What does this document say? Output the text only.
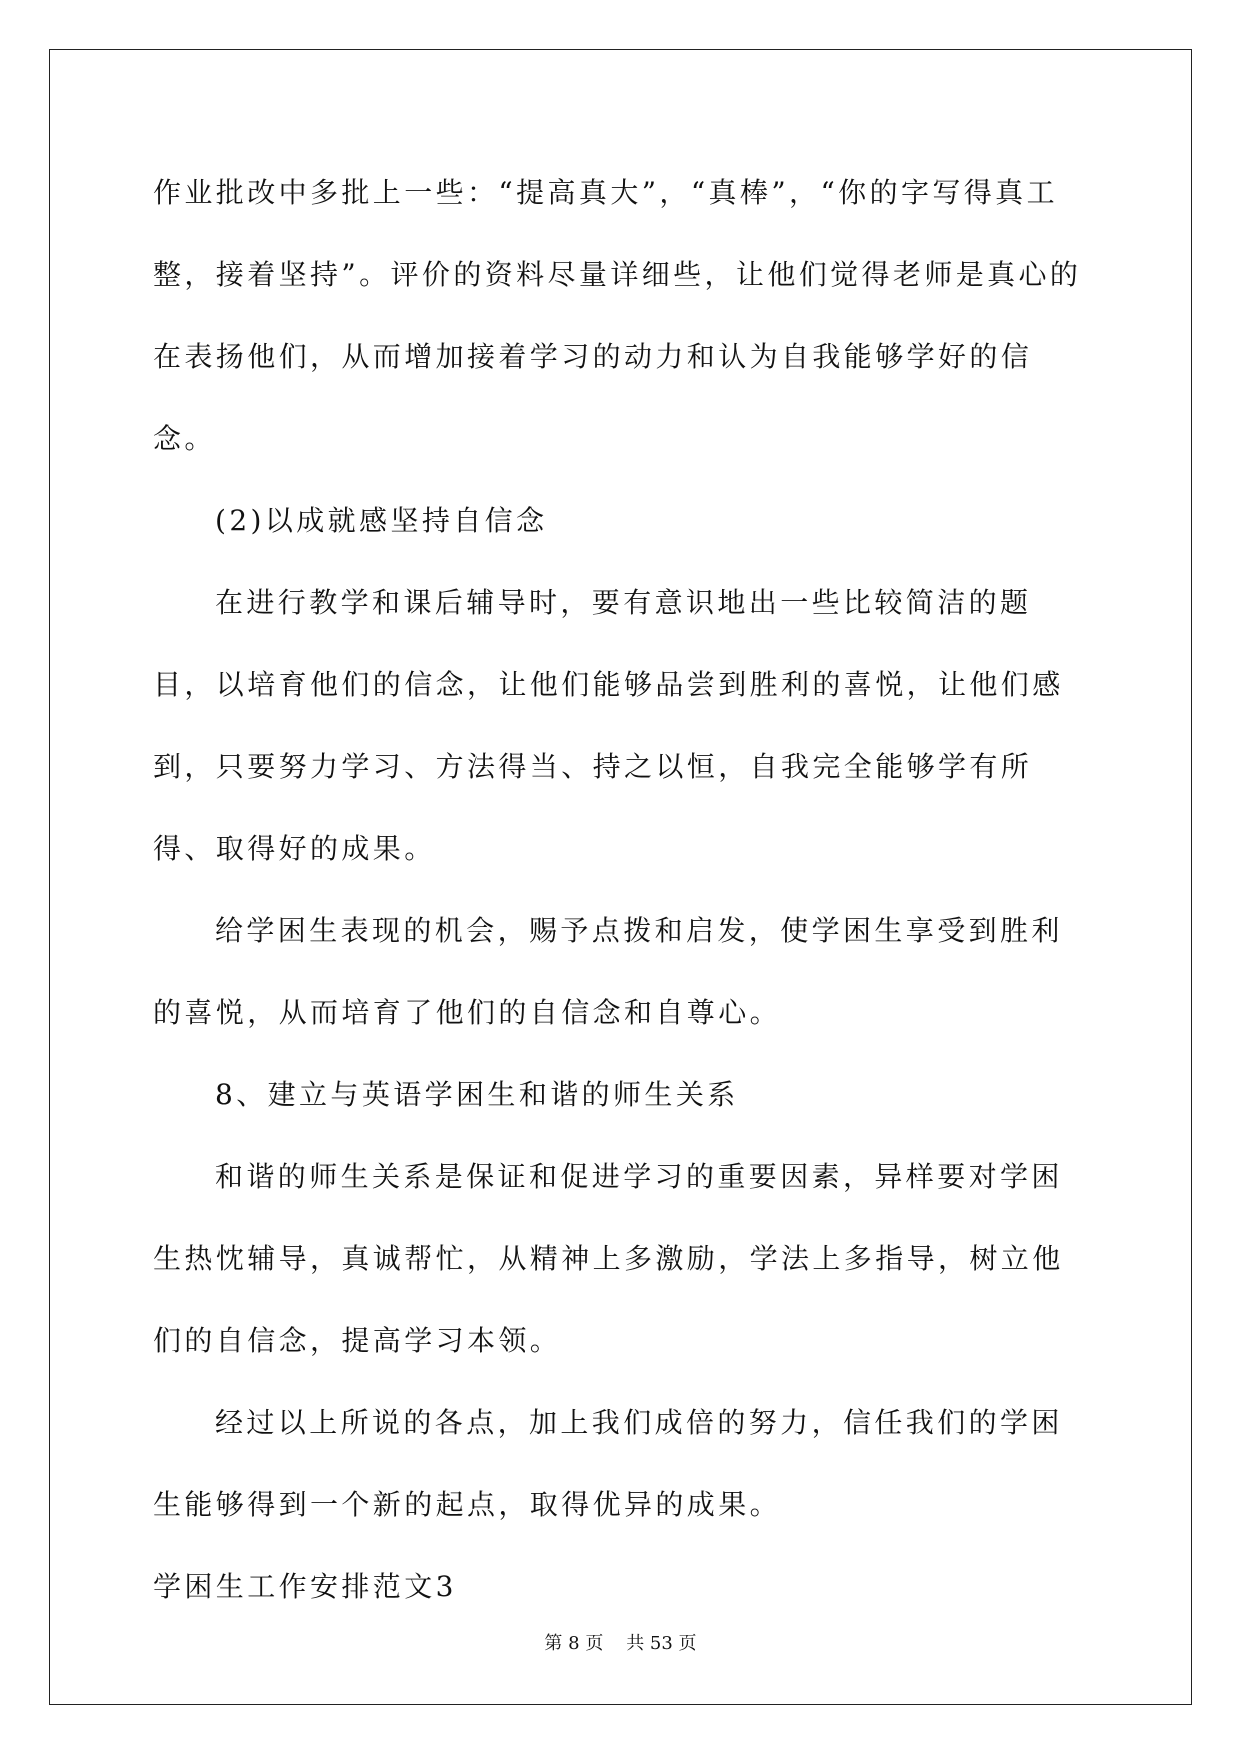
作业批改中多批上一些：“提高真大”，“真棒”，“你的字写得真工整，接着坚持”。评价的资料尽量详细些，让他们觉得老师是真心的在表扬他们，从而增加接着学习的动力和认为自我能够学好的信念。

(2)以成就感坚持自信念

在进行教学和课后辅导时，要有意识地出一些比较简洁的题目，以培育他们的信念，让他们能够品尝到胜利的喜悦，让他们感到，只要努力学习、方法得当、持之以恒，自我完全能够学有所得、取得好的成果。

给学困生表现的机会，赐予点拨和启发，使学困生享受到胜利的喜悦，从而培育了他们的自信念和自尊心。

8、建立与英语学困生和谐的师生关系

和谐的师生关系是保证和促进学习的重要因素，异样要对学困生热忱辅导，真诚帮忙，从精神上多激励，学法上多指导，树立他们的自信念，提高学习本领。

经过以上所说的各点，加上我们成倍的努力，信任我们的学困生能够得到一个新的起点，取得优异的成果。

学困生工作安排范文3

第 8 页    共 53 页
